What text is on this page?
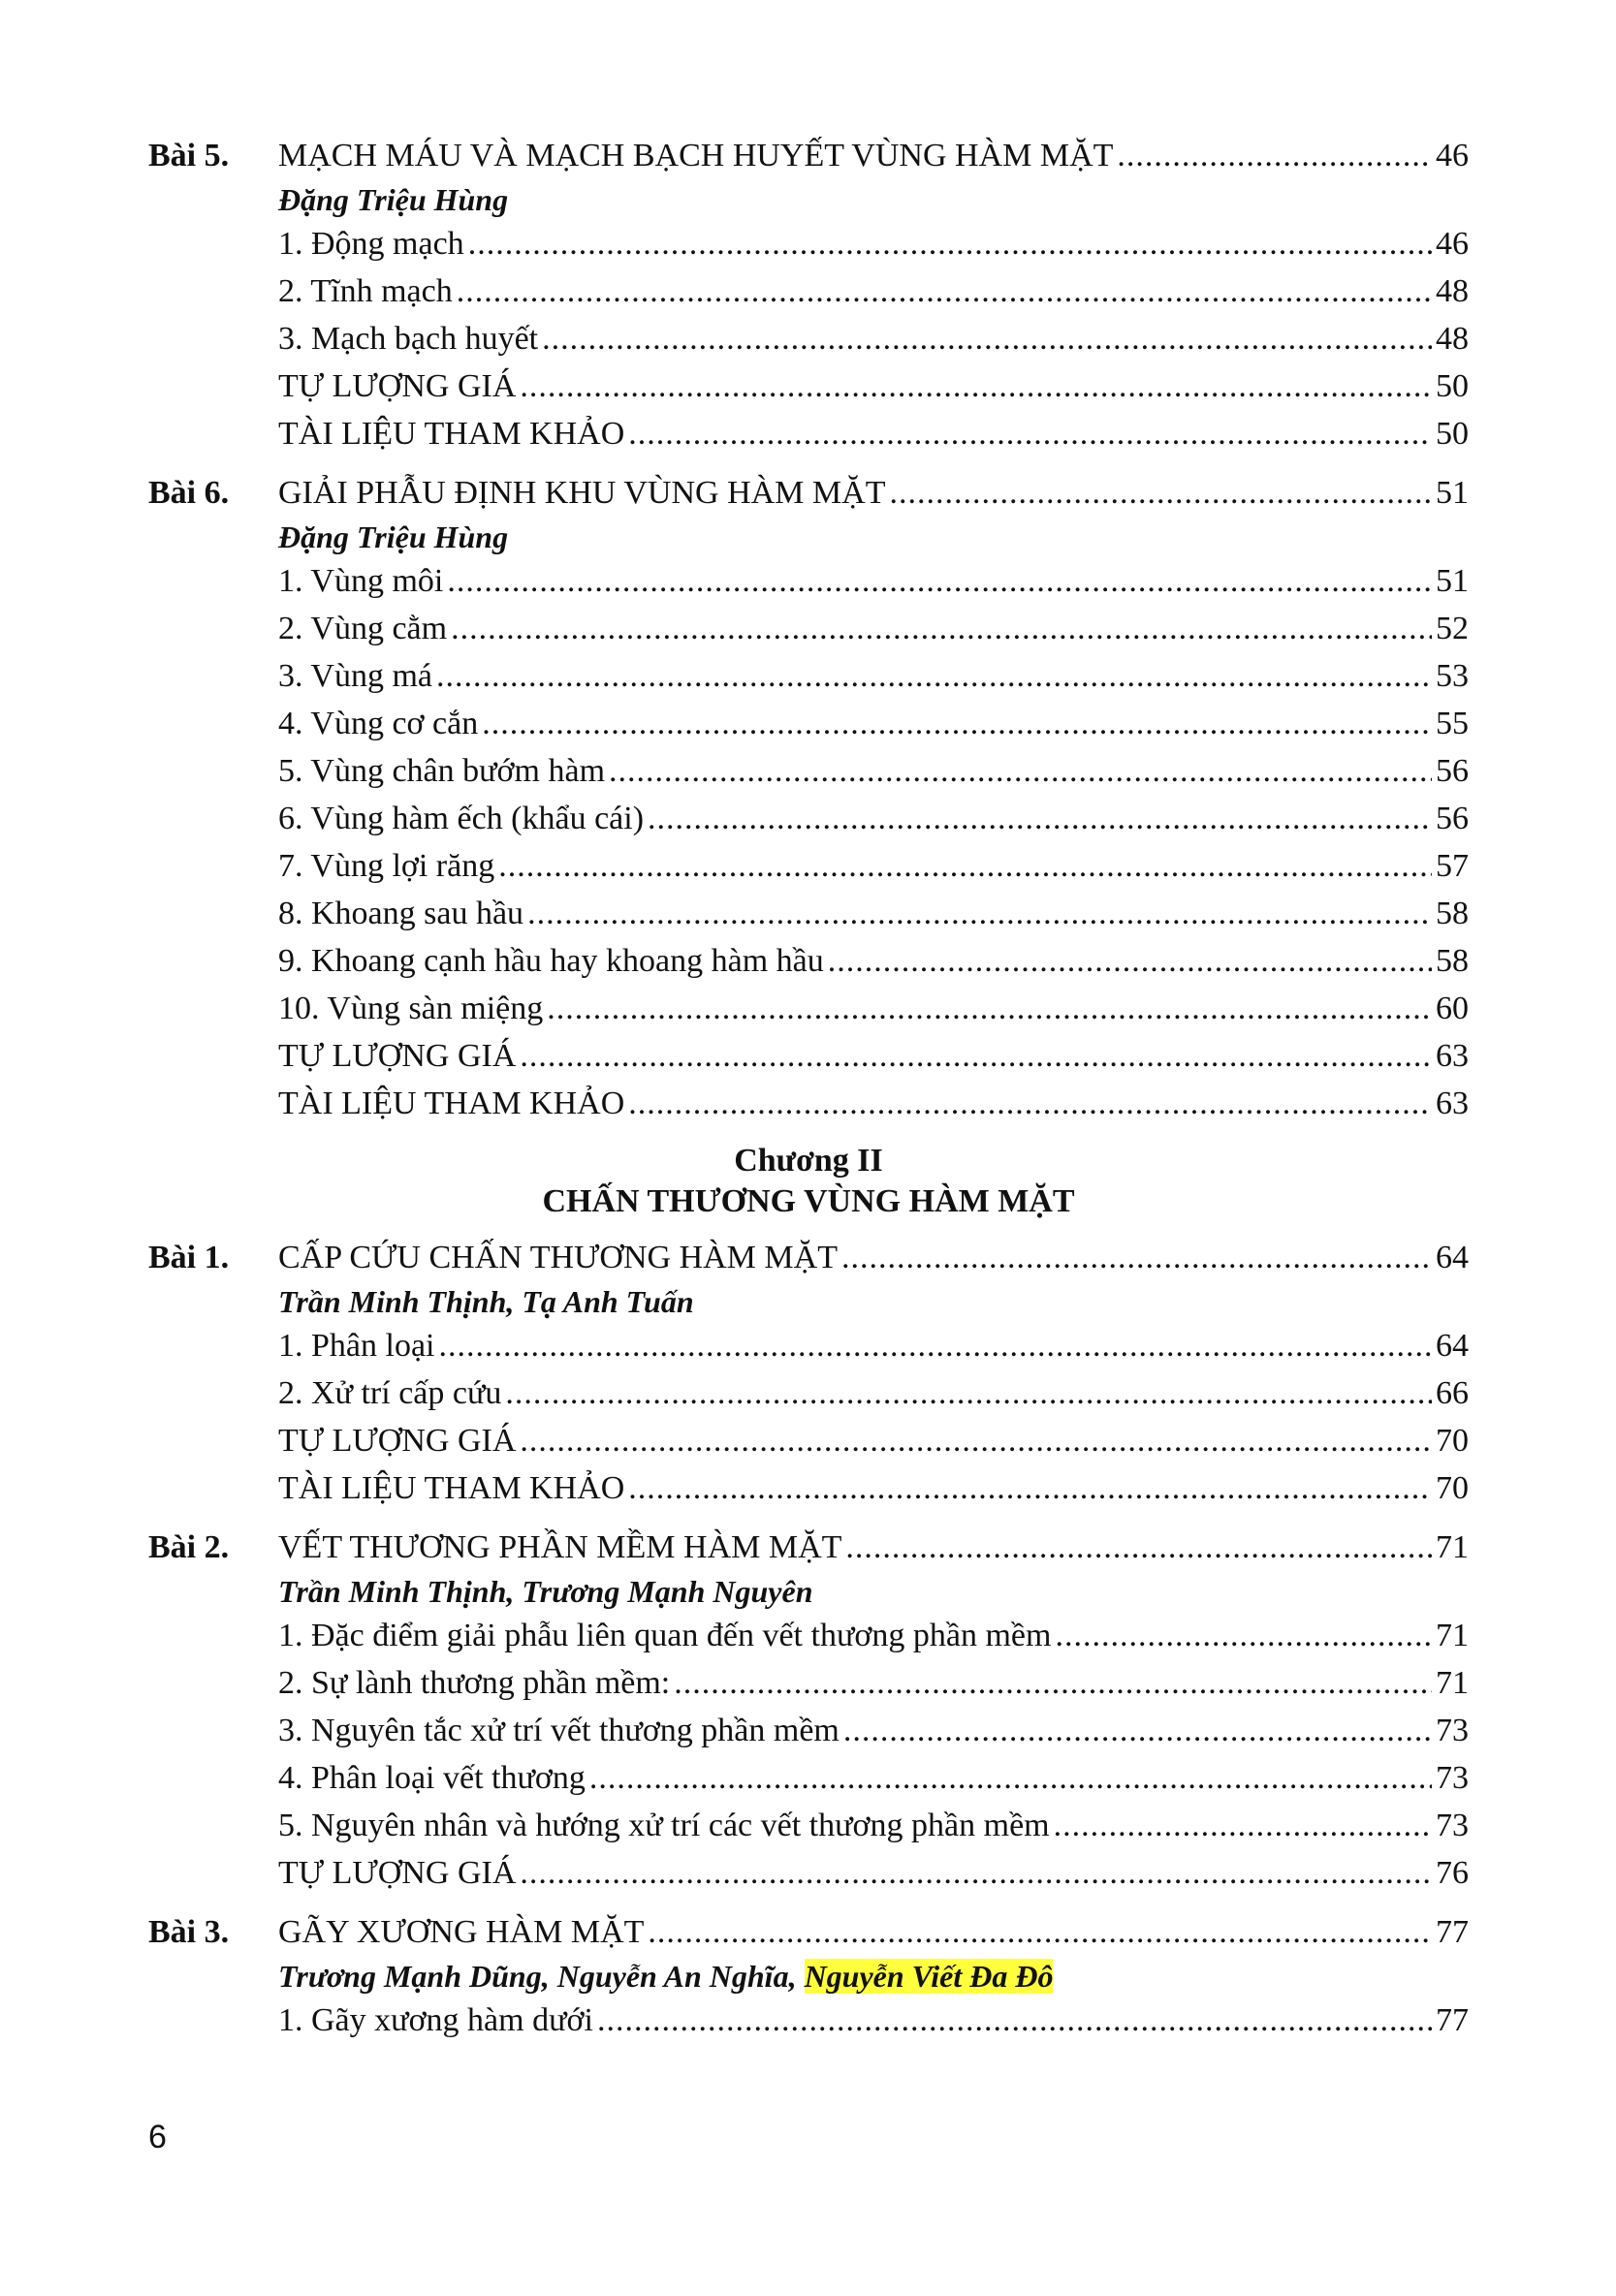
Bài 5.	MẠCH MÁU VÀ MẠCH BẠCH HUYẾT VÙNG HÀM MẶT .....	46
Đặng Triệu Hùng
1. Động mạch .....	46
2. Tĩnh mạch .....	48
3. Mạch bạch huyết .....	48
TỰ LƯỢNG GIÁ .....	50
TÀI LIỆU THAM KHẢO .....	50
Bài 6.	GIẢI PHẪU ĐỊNH KHU VÙNG HÀM MẶT .....	51
Đặng Triệu Hùng
1. Vùng môi .....	51
2. Vùng cằm .....	52
3. Vùng má .....	53
4. Vùng cơ cắn .....	55
5. Vùng chân bướm hàm .....	56
6. Vùng hàm ếch (khẩu cái) .....	56
7. Vùng lợi răng .....	57
8. Khoang sau hầu .....	58
9. Khoang cạnh hầu hay khoang hàm hầu .....	58
10. Vùng sàn miệng .....	60
TỰ LƯỢNG GIÁ .....	63
TÀI LIỆU THAM KHẢO .....	63
Chương II
CHẤN THƯƠNG VÙNG HÀM MẶT
Bài 1.	CẤP CỨU CHẤN THƯƠNG HÀM MẶT .....	64
Trần Minh Thịnh, Tạ Anh Tuấn
1. Phân loại .....	64
2. Xử trí cấp cứu .....	66
TỰ LƯỢNG GIÁ .....	70
TÀI LIỆU THAM KHẢO .....	70
Bài 2.	VẾT THƯƠNG PHẦN MỀM HÀM MẶT .....	71
Trần Minh Thịnh, Trương Mạnh Nguyên
1. Đặc điểm giải phẫu liên quan đến vết thương phần mềm .....	71
2. Sự lành thương phần mềm: .....	71
3. Nguyên tắc xử trí vết thương phần mềm .....	73
4. Phân loại vết thương .....	73
5. Nguyên nhân và hướng xử trí các vết thương phần mềm .....	73
TỰ LƯỢNG GIÁ .....	76
Bài 3.	GÃY XƯƠNG HÀM MẶT .....	77
Trương Mạnh Dũng, Nguyễn An Nghĩa, Nguyễn Viết Đa Đô
1. Gãy xương hàm dưới .....	77
6
